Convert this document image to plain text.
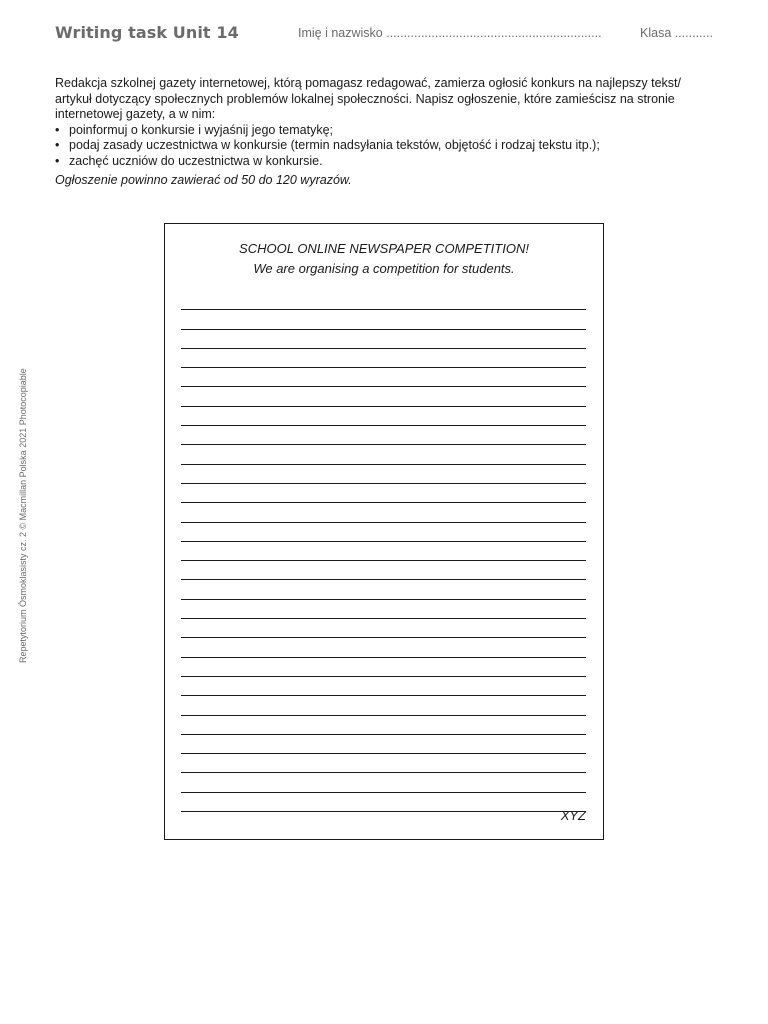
Writing task Unit 14	Imię i nazwisko ..............................................................	Klasa ...........

Redakcja szkolnej gazety internetowej, którą pomagasz redagować, zamierza ogłosić konkurs na najlepszy tekst/ artykuł dotyczący społecznych problemów lokalnej społeczności. Napisz ogłoszenie, które zamieścisz na stronie internetowej gazety, a w nim:

• poinformuj o konkursie i wyjaśnij jego tematykę;
• podaj zasady uczestnictwa w konkursie (termin nadsyłania tekstów, objętość i rodzaj tekstu itp.);
• zachęć uczniów do uczestnictwa w konkursie.

Ogłoszenie powinno zawierać od 50 do 120 wyrazów.

Repetytorium Ósmoklasisty cz. 2 © Macmillan Polska 2021 Photocopiable
SCHOOL ONLINE NEWSPAPER COMPETITION!
We are organising a competition for students.
XYZ
